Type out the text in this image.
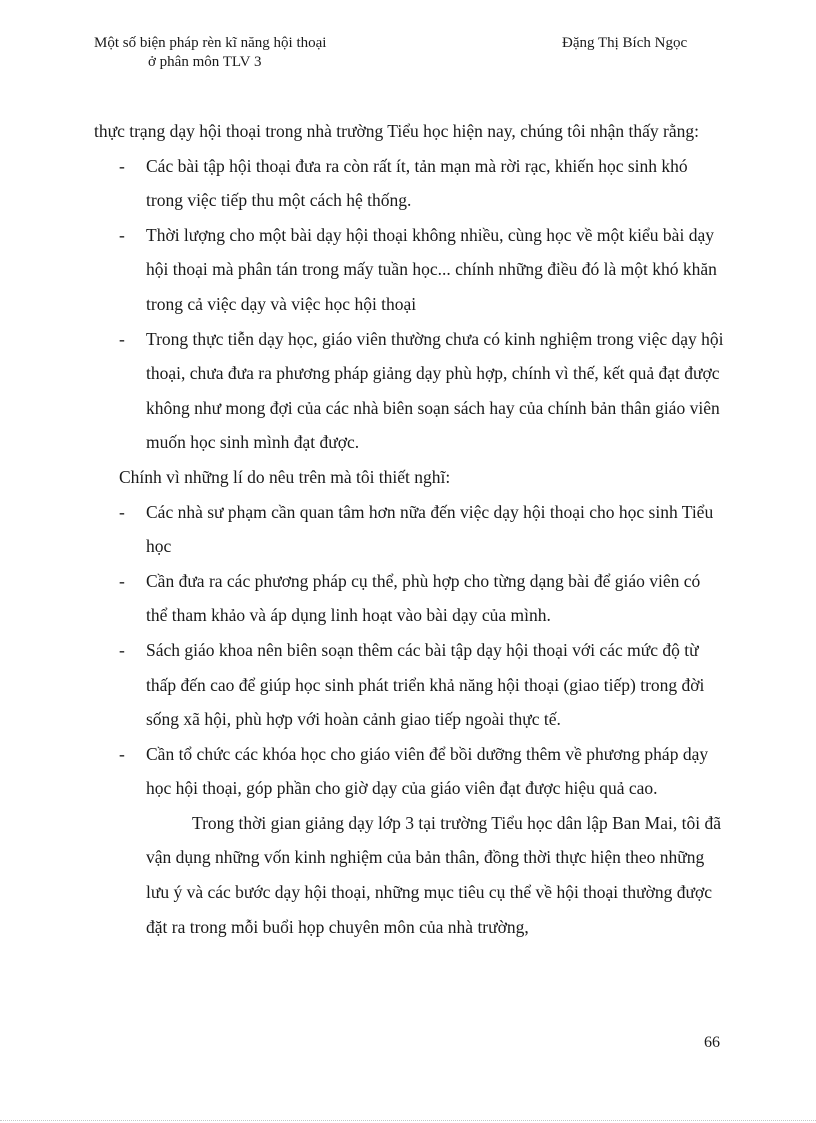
Một số biện pháp rèn kĩ năng hội thoại
ở phân môn TLV 3
Đặng Thị Bích Ngọc

thực trạng dạy hội thoại trong nhà trường Tiểu học hiện nay, chúng tôi nhận thấy rằng:

- Các bài tập hội thoại đưa ra còn rất ít, tản mạn mà rời rạc, khiến học sinh khó trong việc tiếp thu một cách hệ thống.

- Thời lượng cho một bài dạy hội thoại không nhiều, cùng học về một kiểu bài dạy hội thoại mà phân tán trong mấy tuần học... chính những điều đó là một khó khăn trong cả việc dạy và việc học hội thoại

- Trong thực tiễn dạy học, giáo viên thường chưa có kinh nghiệm trong việc dạy hội thoại, chưa đưa ra phương pháp giảng dạy phù hợp, chính vì thế, kết quả đạt được không như mong đợi của các nhà biên soạn sách hay của chính bản thân giáo viên muốn học sinh mình đạt được.

Chính vì những lí do nêu trên mà tôi thiết nghĩ:

- Các nhà sư phạm cần quan tâm hơn nữa đến việc dạy hội thoại cho học sinh Tiểu học

- Cần đưa ra các phương pháp cụ thể, phù hợp cho từng dạng bài để giáo viên có thể tham khảo và áp dụng linh hoạt vào bài dạy của mình.

- Sách giáo khoa nên biên soạn thêm các bài tập dạy hội thoại với các mức độ từ thấp đến cao để giúp học sinh phát triển khả năng hội thoại (giao tiếp) trong đời sống xã hội, phù hợp với hoàn cảnh giao tiếp ngoài thực tế.

- Cần tổ chức các khóa học cho giáo viên để bồi dưỡng thêm về phương pháp dạy học hội thoại, góp phần cho giờ dạy của giáo viên đạt được hiệu quả cao.

Trong thời gian giảng dạy lớp 3 tại trường Tiểu học dân lập Ban Mai, tôi đã vận dụng những vốn kinh nghiệm của bản thân, đồng thời thực hiện theo những lưu ý và các bước dạy hội thoại, những mục tiêu cụ thể về hội thoại thường được đặt ra trong mỗi buổi họp chuyên môn của nhà trường,

66
